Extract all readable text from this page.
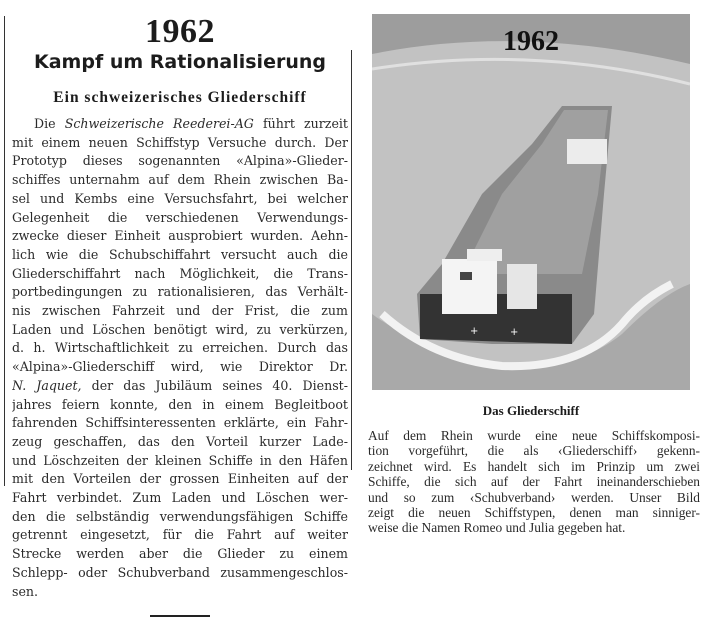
1962
Kampf um Rationalisierung
Ein schweizerisches Gliederschiff
Die Schweizerische Reederei-AG führt zurzeit
mit einem neuen Schiffstyp Versuche durch. Der
Prototyp dieses sogenannten «Alpina»-Glieder-
schiffes unternahm auf dem Rhein zwischen Ba-
sel und Kembs eine Versuchsfahrt, bei welcher
Gelegenheit die verschiedenen Verwendungs-
zwecke dieser Einheit ausprobiert wurden. Aehn-
lich wie die Schubschiffahrt versucht auch die
Gliederschiffahrt nach Möglichkeit, die Trans-
portbedingungen zu rationalisieren, das Verhält-
nis zwischen Fahrzeit und der Frist, die zum
Laden und Löschen benötigt wird, zu verkürzen,
d. h. Wirtschaftlichkeit zu erreichen. Durch das
«Alpina»-Gliederschiff wird, wie Direktor Dr.
N. Jaquet, der das Jubiläum seines 40. Dienst-
jahres feiern konnte, den in einem Begleitboot
fahrenden Schiffsinteressenten erklärte, ein Fahr-
zeug geschaffen, das den Vorteil kurzer Lade-
und Löschzeiten der kleinen Schiffe in den Häfen
mit den Vorteilen der grossen Einheiten auf der
Fahrt verbindet. Zum Laden und Löschen wer-
den die selbständig verwendungsfähigen Schiffe
getrennt eingesetzt, für die Fahrt auf weiter
Strecke werden aber die Glieder zu einem
Schlepp- oder Schubverband zusammengeschlos-
sen.
+	+
1962
Das Gliederschiff
Auf dem Rhein wurde eine neue Schiffskomposi-
tion vorgeführt, die als ‹Gliederschiff› gekenn-
zeichnet wird. Es handelt sich im Prinzip um zwei
Schiffe, die sich auf der Fahrt ineinanderschieben
und so zum ‹Schubverband› werden. Unser Bild
zeigt die neuen Schiffstypen, denen man sinniger-
weise die Namen Romeo und Julia gegeben hat.
